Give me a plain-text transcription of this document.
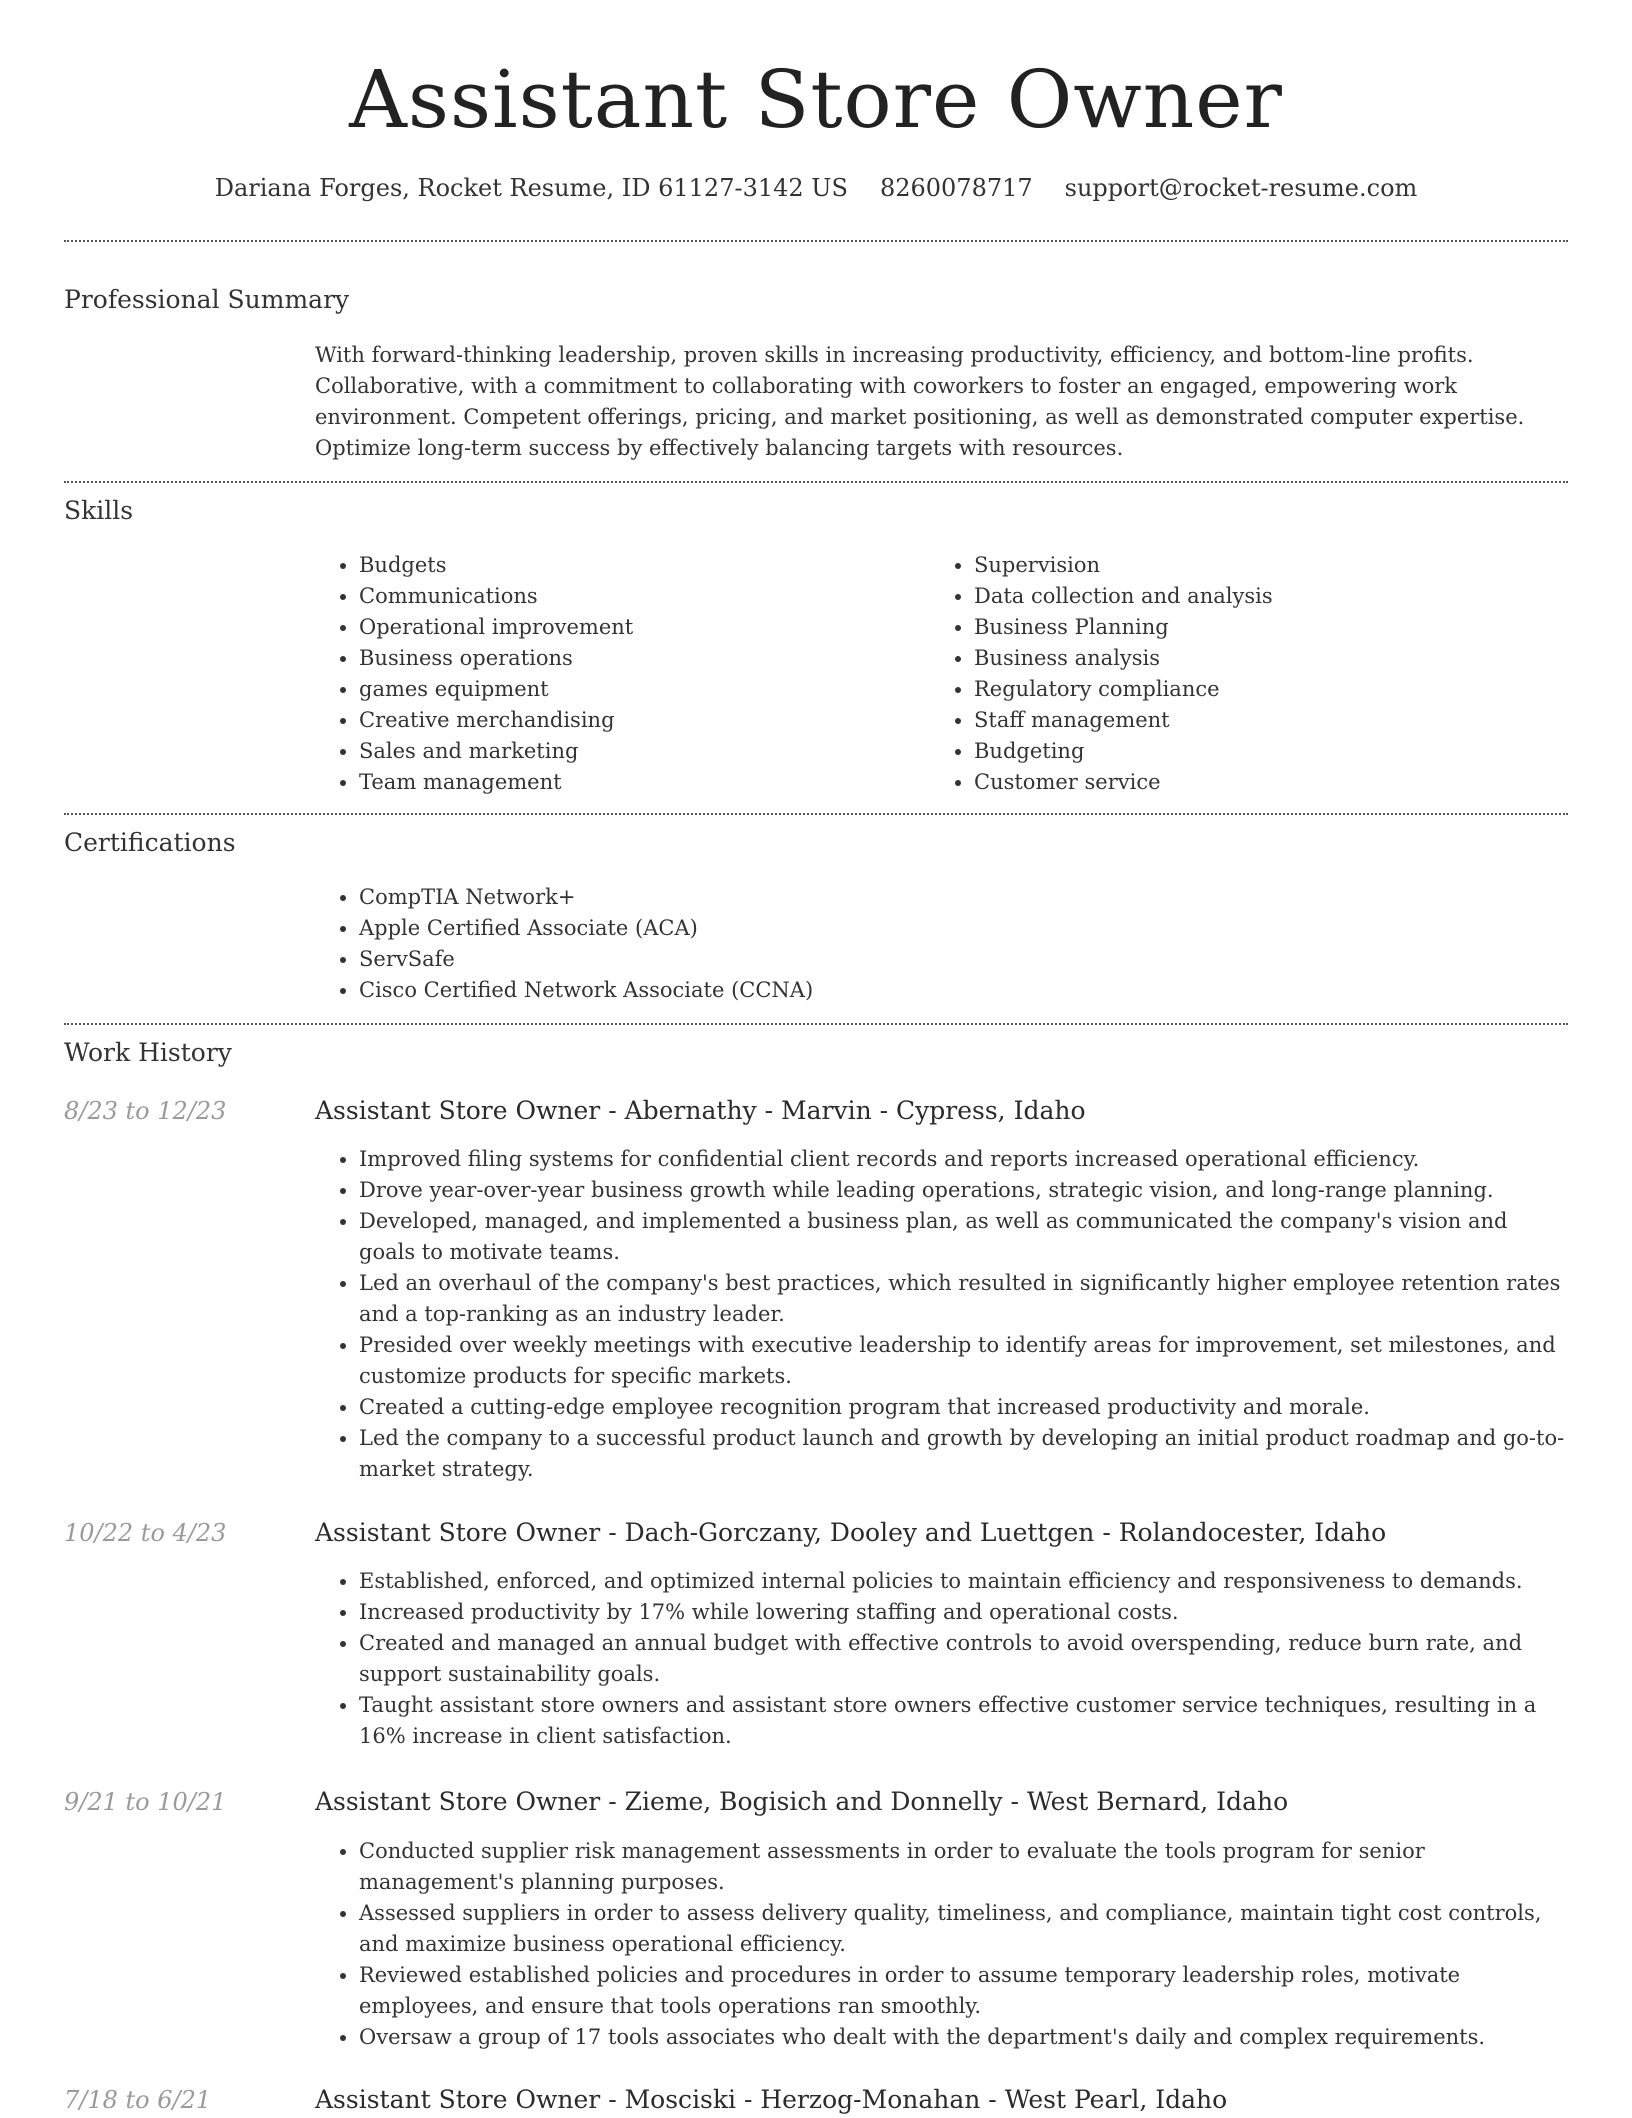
Assistant Store Owner
Dariana Forges, Rocket Resume, ID 61127-3142 US 8260078717 support@rocket-resume.com
Professional Summary
With forward-thinking leadership, proven skills in increasing productivity, efficiency, and bottom-line profits. Collaborative, with a commitment to collaborating with coworkers to foster an engaged, empowering work environment. Competent offerings, pricing, and market positioning, as well as demonstrated computer expertise. Optimize long-term success by effectively balancing targets with resources.
Skills
• Budgets
• Communications
• Operational improvement
• Business operations
• games equipment
• Creative merchandising
• Sales and marketing
• Team management
• Supervision
• Data collection and analysis
• Business Planning
• Business analysis
• Regulatory compliance
• Staff management
• Budgeting
• Customer service
Certifications
• CompTIA Network+
• Apple Certified Associate (ACA)
• ServSafe
• Cisco Certified Network Associate (CCNA)
Work History
8/23 to 12/23	Assistant Store Owner - Abernathy - Marvin - Cypress, Idaho
• Improved filing systems for confidential client records and reports increased operational efficiency.
• Drove year-over-year business growth while leading operations, strategic vision, and long-range planning.
• Developed, managed, and implemented a business plan, as well as communicated the company's vision and goals to motivate teams.
• Led an overhaul of the company's best practices, which resulted in significantly higher employee retention rates and a top-ranking as an industry leader.
• Presided over weekly meetings with executive leadership to identify areas for improvement, set milestones, and customize products for specific markets.
• Created a cutting-edge employee recognition program that increased productivity and morale.
• Led the company to a successful product launch and growth by developing an initial product roadmap and go-to-market strategy.
10/22 to 4/23	Assistant Store Owner - Dach-Gorczany, Dooley and Luettgen - Rolandocester, Idaho
• Established, enforced, and optimized internal policies to maintain efficiency and responsiveness to demands.
• Increased productivity by 17% while lowering staffing and operational costs.
• Created and managed an annual budget with effective controls to avoid overspending, reduce burn rate, and support sustainability goals.
• Taught assistant store owners and assistant store owners effective customer service techniques, resulting in a 16% increase in client satisfaction.
9/21 to 10/21	Assistant Store Owner - Zieme, Bogisich and Donnelly - West Bernard, Idaho
• Conducted supplier risk management assessments in order to evaluate the tools program for senior management's planning purposes.
• Assessed suppliers in order to assess delivery quality, timeliness, and compliance, maintain tight cost controls, and maximize business operational efficiency.
• Reviewed established policies and procedures in order to assume temporary leadership roles, motivate employees, and ensure that tools operations ran smoothly.
• Oversaw a group of 17 tools associates who dealt with the department's daily and complex requirements.
7/18 to 6/21	Assistant Store Owner - Mosciski - Herzog-Monahan - West Pearl, Idaho
